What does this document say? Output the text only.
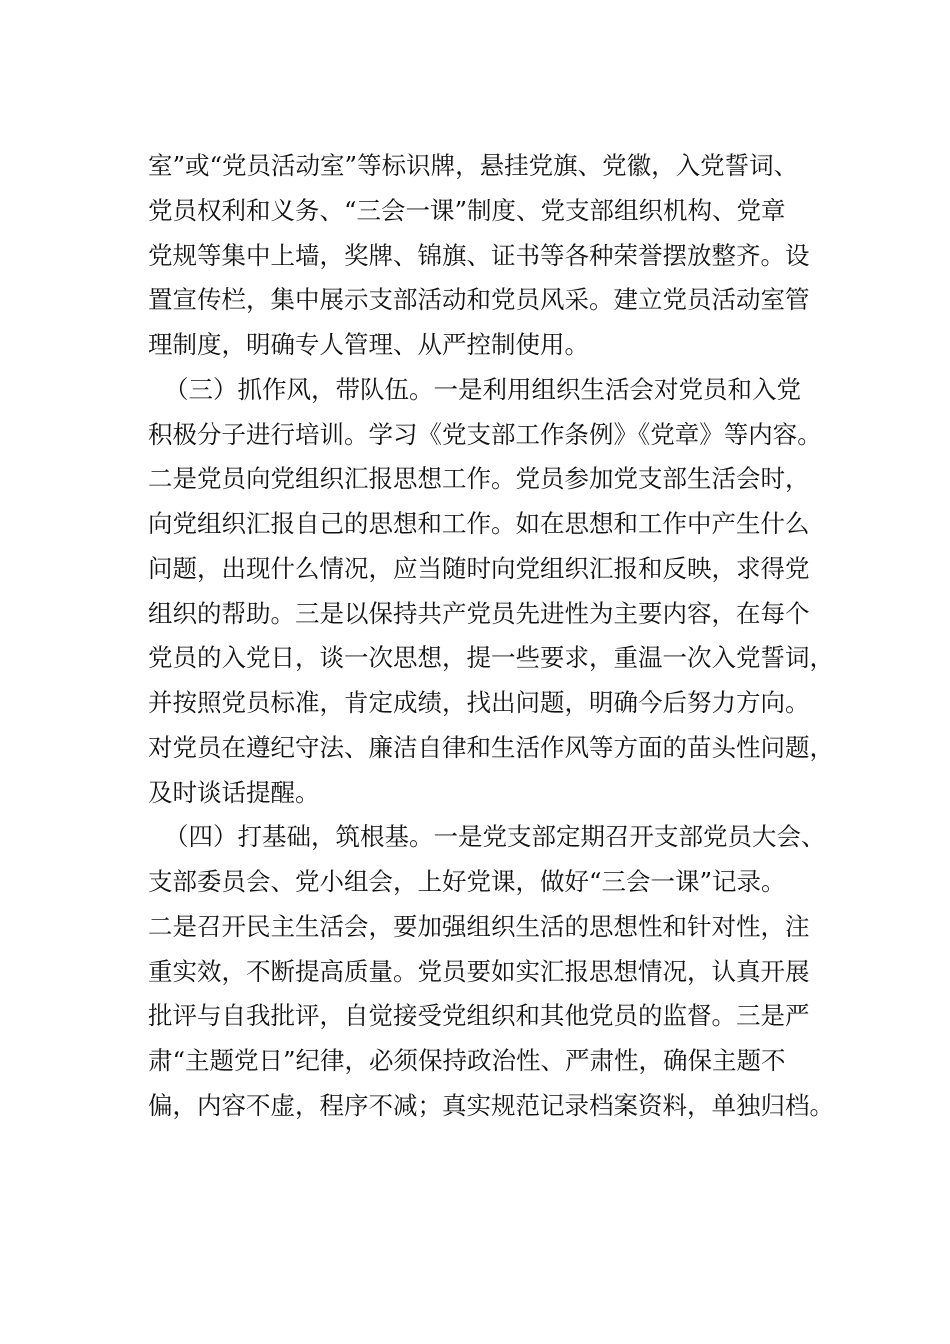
室”或“党员活动室”等标识牌，悬挂党旗、党徽，入党誓词、
党员权利和义务、“三会一课”制度、党支部组织机构、党章
党规等集中上墙，奖牌、锦旗、证书等各种荣誉摆放整齐。设
置宣传栏，集中展示支部活动和党员风采。建立党员活动室管
理制度，明确专人管理、从严控制使用。
（三）抓作风，带队伍。一是利用组织生活会对党员和入党
积极分子进行培训。学习《党支部工作条例》《党章》等内容。
二是党员向党组织汇报思想工作。党员参加党支部生活会时，
向党组织汇报自己的思想和工作。如在思想和工作中产生什么
问题，出现什么情况，应当随时向党组织汇报和反映，求得党
组织的帮助。三是以保持共产党员先进性为主要内容，在每个
党员的入党日，谈一次思想，提一些要求，重温一次入党誓词，
并按照党员标准，肯定成绩，找出问题，明确今后努力方向。
对党员在遵纪守法、廉洁自律和生活作风等方面的苗头性问题，
及时谈话提醒。
（四）打基础，筑根基。一是党支部定期召开支部党员大会、
支部委员会、党小组会，上好党课，做好“三会一课”记录。
二是召开民主生活会，要加强组织生活的思想性和针对性，注
重实效，不断提高质量。党员要如实汇报思想情况，认真开展
批评与自我批评，自觉接受党组织和其他党员的监督。三是严
肃“主题党日”纪律，必须保持政治性、严肃性，确保主题不
偏，内容不虚，程序不减；真实规范记录档案资料，单独归档。
